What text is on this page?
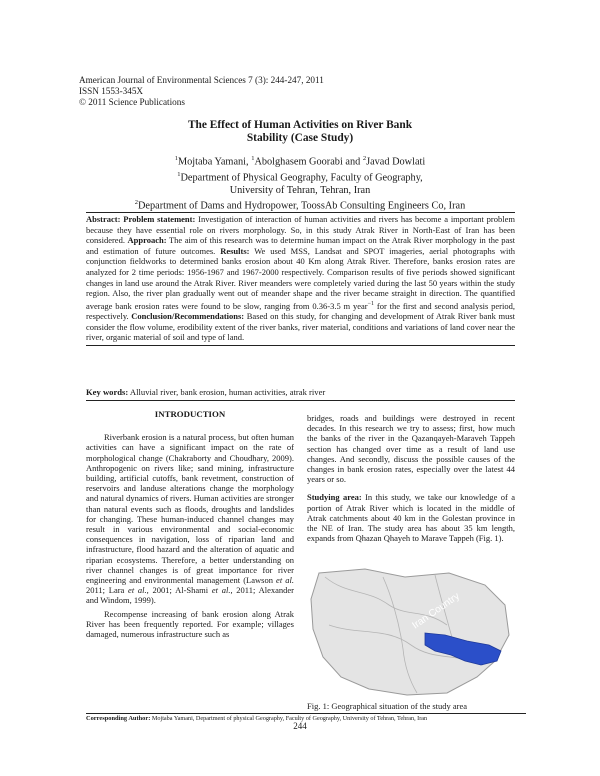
American Journal of Environmental Sciences 7 (3): 244-247, 2011
ISSN 1553-345X
© 2011 Science Publications
The Effect of Human Activities on River Bank
Stability (Case Study)
$^1$Mojtaba Yamani, $^1$Abolghasem Goorabi and $^2$Javad Dowlati
$^1$Department of Physical Geography, Faculty of Geography,
University of Tehran, Tehran, Iran
$^2$Department of Dams and Hydropower, ToossAb Consulting Engineers Co, Iran

Abstract: Problem statement: Investigation of interaction of human activities and rivers has become a important problem because they have essential role on rivers morphology. So, in this study Atrak River in North-East of Iran has been considered. Approach: The aim of this research was to determine human impact on the Atrak River morphology in the past and estimation of future outcomes. Results: We used MSS, Landsat and SPOT imageries, aerial photographs with conjunction fieldworks to determined banks erosion about 40 Km along Atrak River. Therefore, banks erosion rates are analyzed for 2 time periods: 1956-1967 and 1967-2000 respectively. Comparison results of five periods showed significant changes in land use around the Atrak River. River meanders were completely varied during the last 50 years within the study region. Also, the river plan gradually went out of meander shape and the river became straight in direction. The quantified average bank erosion rates were found to be slow, ranging from 0.36-3.5 m year$^{-1}$ for the first and second analysis period, respectively. Conclusion/Recommendations: Based on this study, for changing and development of Atrak River bank must consider the flow volume, erodibility extent of the river banks, river material, conditions and variations of land cover near the river, organic material of soil and type of land.

Key words: Alluvial river, bank erosion, human activities, atrak river

INTRODUCTION

Riverbank erosion is a natural process, but often human activities can have a significant impact on the rate of morphological change (Chakraborty and Choudhary, 2009). Anthropogenic on rivers like; sand mining, infrastructure building, artificial cutoffs, bank revetment, construction of reservoirs and landuse alterations change the morphology and natural dynamics of rivers. Human activities are stronger than natural events such as floods, droughts and landslides for changing. These human-induced channel changes may result in various environmental and social-economic consequences in navigation, loss of riparian land and infrastructure, flood hazard and the alteration of aquatic and riparian ecosystems. Therefore, a better understanding on river channel changes is of great importance for river engineering and environmental management (Lawson et al. 2011; Lara et al., 2001; Al-Shami et al., 2011; Alexander and Windom, 1999).

Recompense increasing of bank erosion along Atrak River has been frequently reported. For example; villages damaged, numerous infrastructure such as

bridges, roads and buildings were destroyed in recent decades. In this research we try to assess; first, how much the banks of the river in the Qazanqayeh-Maraveh Tappeh section has changed over time as a result of land use changes. And secondly, discuss the possible causes of the changes in bank erosion rates, especially over the latest 44 years or so.

Studying area: In this study, we take our knowledge of a portion of Atrak River which is located in the middle of Atrak catchments about 40 km in the Golestan province in the NE of Iran. The study area has about 35 km length, expands from Qhazan Qhayeh to Marave Tappeh (Fig. 1).

Iran Country
Fig. 1: Geographical situation of the study area
Corresponding Author: Mojtaba Yamani, Department of physical Geography, Faculty of Geography, University of Tehran, Tehran, Iran
244
